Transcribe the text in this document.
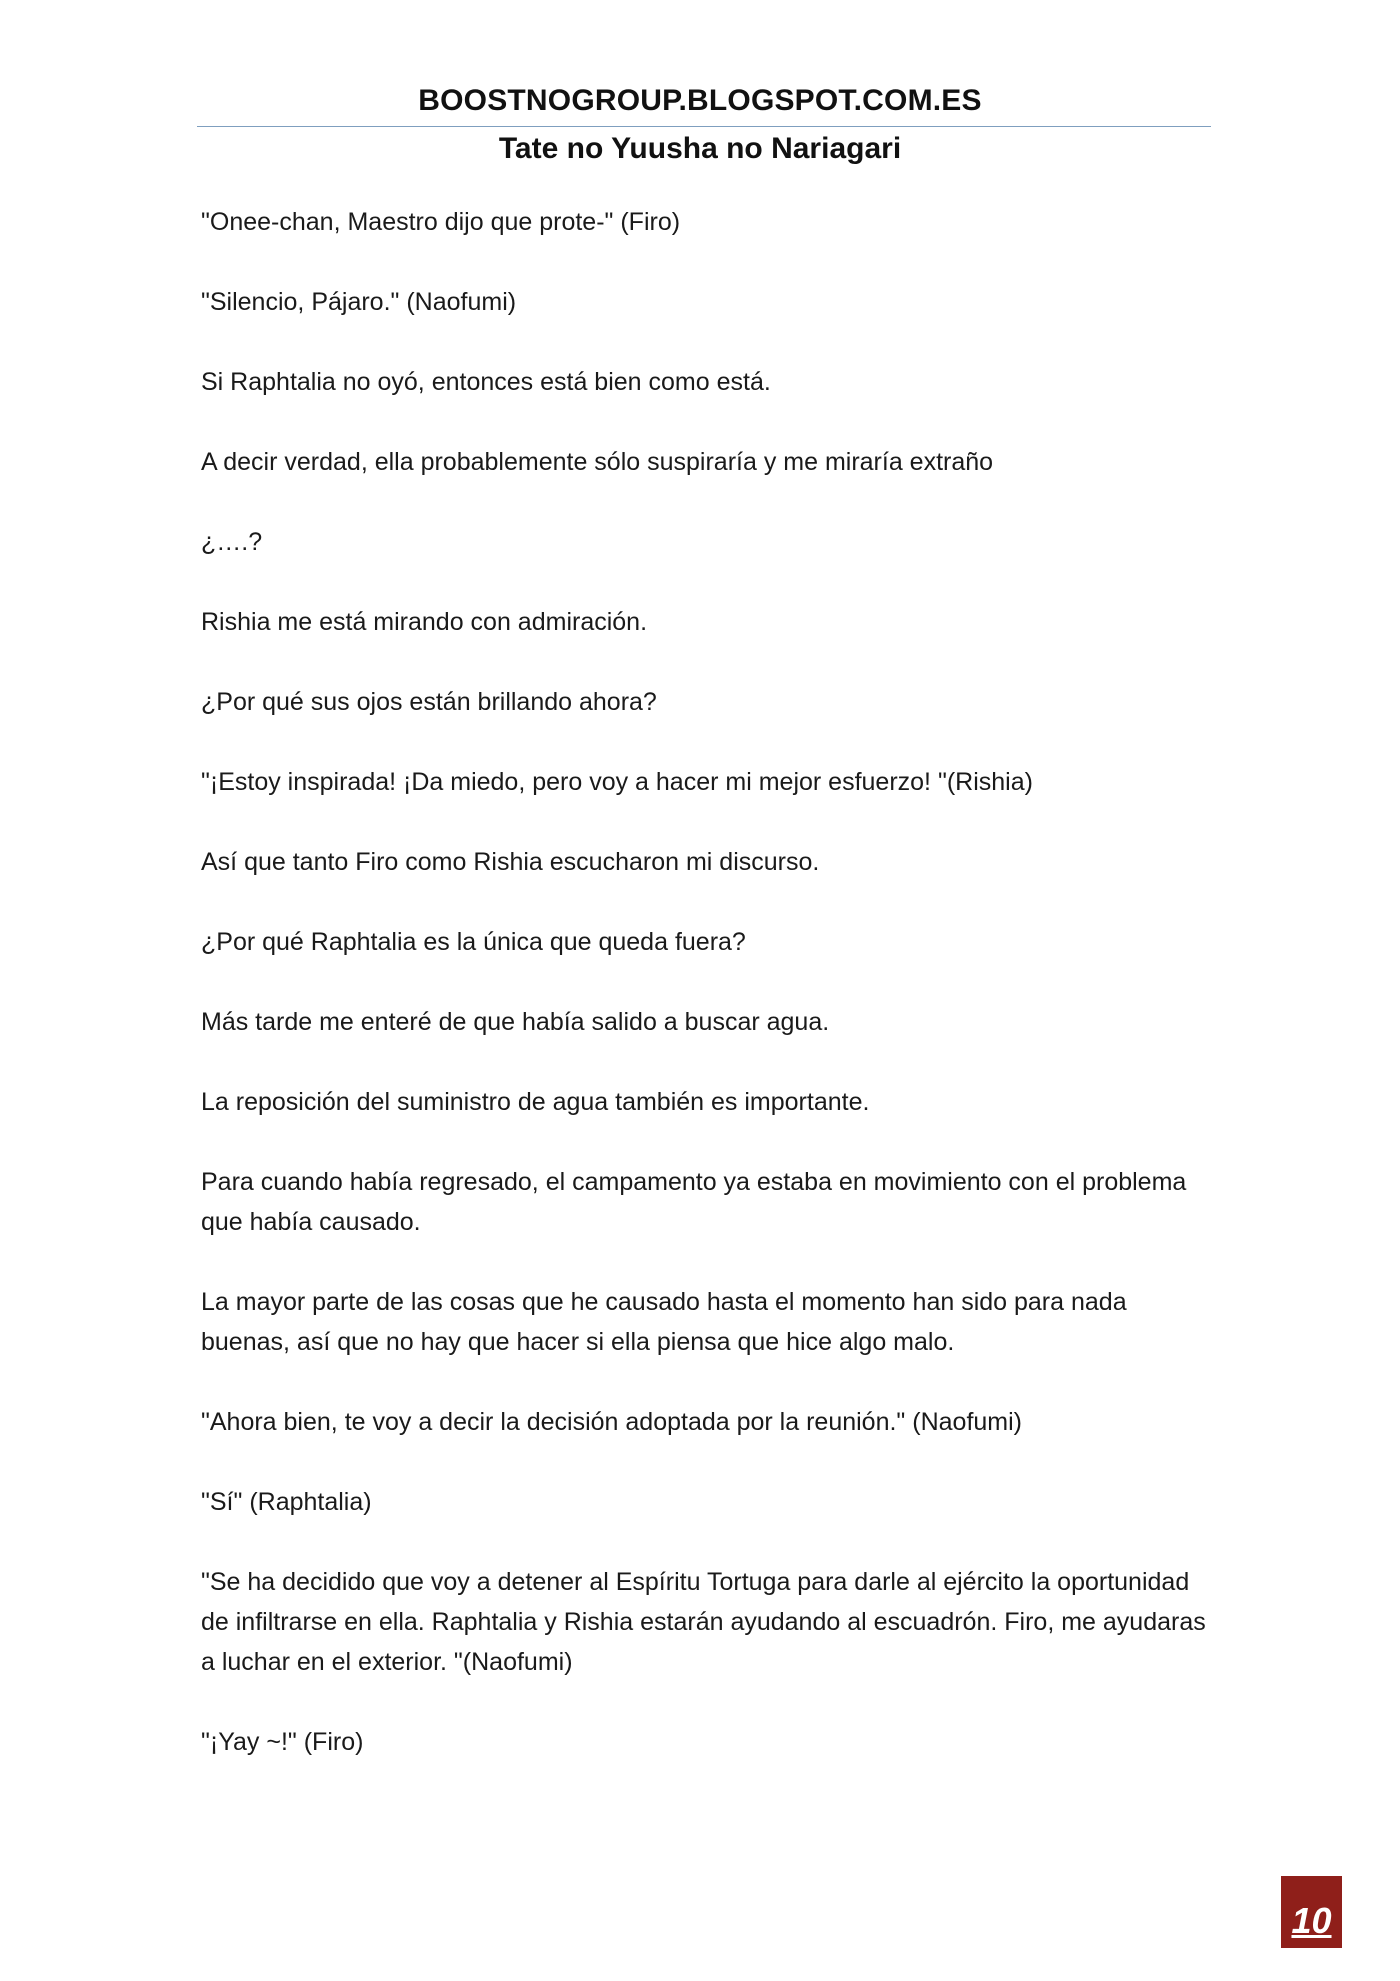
BOOSTNOGROUP.BLOGSPOT.COM.ES
Tate no Yuusha no Nariagari

"Onee-chan, Maestro dijo que prote-" (Firo)

"Silencio, Pájaro." (Naofumi)

Si Raphtalia no oyó, entonces está bien como está.

A decir verdad, ella probablemente sólo suspiraría y me miraría extraño

¿….?

Rishia me está mirando con admiración.

¿Por qué sus ojos están brillando ahora?

"¡Estoy inspirada! ¡Da miedo, pero voy a hacer mi mejor esfuerzo! "(Rishia)

Así que tanto Firo como Rishia escucharon mi discurso.

¿Por qué Raphtalia es la única que queda fuera?

Más tarde me enteré de que había salido a buscar agua.

La reposición del suministro de agua también es importante.

Para cuando había regresado, el campamento ya estaba en movimiento con el problema que había causado.

La mayor parte de las cosas que he causado hasta el momento han sido para nada buenas, así que no hay que hacer si ella piensa que hice algo malo.

"Ahora bien, te voy a decir la decisión adoptada por la reunión." (Naofumi)

"Sí" (Raphtalia)

"Se ha decidido que voy a detener al Espíritu Tortuga para darle al ejército la oportunidad de infiltrarse en ella. Raphtalia y Rishia estarán ayudando al escuadrón. Firo, me ayudaras a luchar en el exterior. "(Naofumi)

"¡Yay ~!" (Firo)

10
